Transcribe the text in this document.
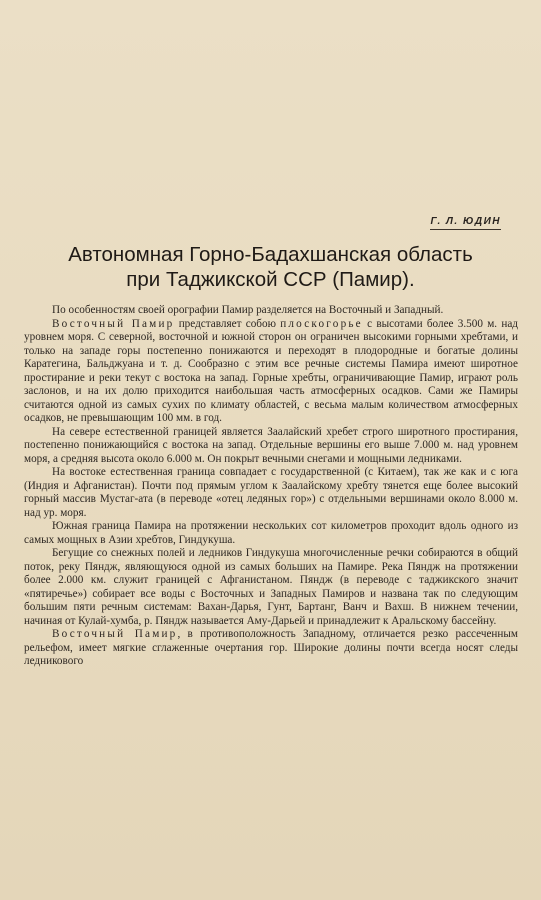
Г. Л. ЮДИН
Автономная Горно-Бадахшанская область
при Таджикской ССР (Памир).

По особенностям своей орографии Памир разделяется на Восточный и Западный.

Восточный Памир представляет собою плоскогорье с высотами более 3.500 м. над уровнем моря. С северной, восточной и южной сторон он ограничен высокими горными хребтами, и только на западе горы постепенно понижаются и переходят в плодородные и богатые долины Каратегина, Бальджуана и т. д. Сообразно с этим все речные системы Памира имеют широтное простирание и реки текут с востока на запад. Горные хребты, ограничивающие Памир, играют роль заслонов, и на их долю приходится наибольшая часть атмосферных осадков. Сами же Памиры считаются одной из самых сухих по климату областей, с весьма малым количеством атмосферных осадков, не превышающим 100 мм. в год.

На севере естественной границей является Заалайский хребет строго широтного простирания, постепенно понижающийся с востока на запад. Отдельные вершины его выше 7.000 м. над уровнем моря, а средняя высота около 6.000 м. Он покрыт вечными снегами и мощными ледниками.

На востоке естественная граница совпадает с государственной (с Китаем), так же как и с юга (Индия и Афганистан). Почти под прямым углом к Заалайскому хребту тянется еще более высокий горный массив Мустаг-ата (в переводе «отец ледяных гор») с отдельными вершинами около 8.000 м. над ур. моря.

Южная граница Памира на протяжении нескольких сот километров проходит вдоль одного из самых мощных в Азии хребтов, Гиндукуша.

Бегущие со снежных полей и ледников Гиндукуша многочисленные речки собираются в общий поток, реку Пяндж, являющуюся одной из самых больших на Памире. Река Пяндж на протяжении более 2.000 км. служит границей с Афганистаном. Пяндж (в переводе с таджикского значит «пятиречье») собирает все воды с Восточных и Западных Памиров и названа так по следующим большим пяти речным системам: Вахан-Дарья, Гунт, Бартанг, Ванч и Вахш. В нижнем течении, начиная от Кулай-хумба, р. Пяндж называется Аму-Дарьей и принадлежит к Аральскому бассейну.

Восточный Памир, в противоположность Западному, отличается резко рассеченным рельефом, имеет мягкие сглаженные очертания гор. Широкие долины почти всегда носят следы ледникового
